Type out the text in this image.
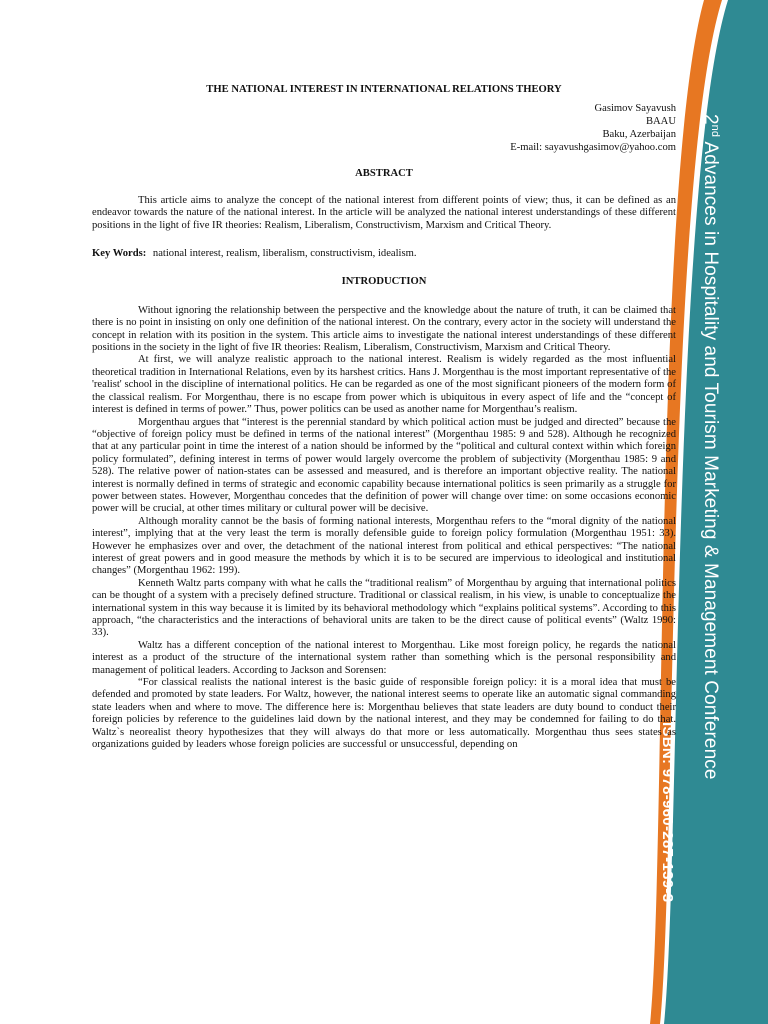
2nd Advances in Hospitality and Tourism Marketing & Management Conference
ISBN: 978-960-287-139-3
THE NATIONAL INTEREST IN INTERNATIONAL RELATIONS THEORY
Gasimov Sayavush
BAAU
Baku, Azerbaijan
E-mail: sayavushgasimov@yahoo.com
ABSTRACT

This article aims to analyze the concept of the national interest from different points of view; thus, it can be defined as an endeavor towards the nature of the national interest. In the article will be analyzed the national interest understandings of these different positions in the light of five IR theories: Realism, Liberalism, Constructivism, Marxism and Critical Theory.

Key Words: national interest, realism, liberalism, constructivism, idealism.

INTRODUCTION

Without ignoring the relationship between the perspective and the knowledge about the nature of truth, it can be claimed that there is no point in insisting on only one definition of the national interest. On the contrary, every actor in the society will understand the concept in relation with its position in the system. This article aims to investigate the national interest understandings of these different positions in the society in the light of five IR theories: Realism, Liberalism, Constructivism, Marxism and Critical Theory.

At first, we will analyze realistic approach to the national interest. Realism is widely regarded as the most influential theoretical tradition in International Relations, even by its harshest critics. Hans J. Morgenthau is the most important representative of the 'realist' school in the discipline of international politics. He can be regarded as one of the most significant pioneers of the modern form of the classical realism. For Morgenthau, there is no escape from power which is ubiquitous in every aspect of life and the “concept of interest is defined in terms of power.” Thus, power politics can be used as another name for Morgenthau’s realism.

Morgenthau argues that “interest is the perennial standard by which political action must be judged and directed” because the “objective of foreign policy must be defined in terms of the national interest” (Morgenthau 1985: 9 and 528). Although he recognized that at any particular point in time the interest of a nation should be informed by the “political and cultural context within which foreign policy formulated”, defining interest in terms of power would largely overcome the problem of subjectivity (Morgenthau 1985: 9 and 528). The relative power of nation-states can be assessed and measured, and is therefore an important objective reality. The national interest is normally defined in terms of strategic and economic capability because international politics is seen primarily as a struggle for power between states. However, Morgenthau concedes that the definition of power will change over time: on some occasions economic power will be crucial, at other times military or cultural power will be decisive.

Although morality cannot be the basis of forming national interests, Morgenthau refers to the “moral dignity of the national interest”, implying that at the very least the term is morally defensible guide to foreign policy formulation (Morgenthau 1951: 33). However he emphasizes over and over, the detachment of the national interest from political and ethical perspectives: “The national interest of great powers and in good measure the methods by which it is to be secured are impervious to ideological and institutional changes” (Morgenthau 1962: 199).

Kenneth Waltz parts company with what he calls the “traditional realism” of Morgenthau by arguing that international politics can be thought of a system with a precisely defined structure. Traditional or classical realism, in his view, is unable to conceptualize the international system in this way because it is limited by its behavioral methodology which “explains political systems”. According to this approach, “the characteristics and the interactions of behavioral units are taken to be the direct cause of political events” (Waltz 1990: 33).

Waltz has a different conception of the national interest to Morgenthau. Like most foreign policy, he regards the national interest as a product of the structure of the international system rather than something which is the personal responsibility and management of political leaders. According to Jackson and Sorensen:

“For classical realists the national interest is the basic guide of responsible foreign policy: it is a moral idea that must be defended and promoted by state leaders. For Waltz, however, the national interest seems to operate like an automatic signal commanding state leaders when and where to move. The difference here is: Morgenthau believes that state leaders are duty bound to conduct their foreign policies by reference to the guidelines laid down by the national interest, and they may be condemned for failing to do that. Waltz`s neorealist theory hypothesizes that they will always do that more or less automatically. Morgenthau thus sees states as organizations guided by leaders whose foreign policies are successful or unsuccessful, depending on
